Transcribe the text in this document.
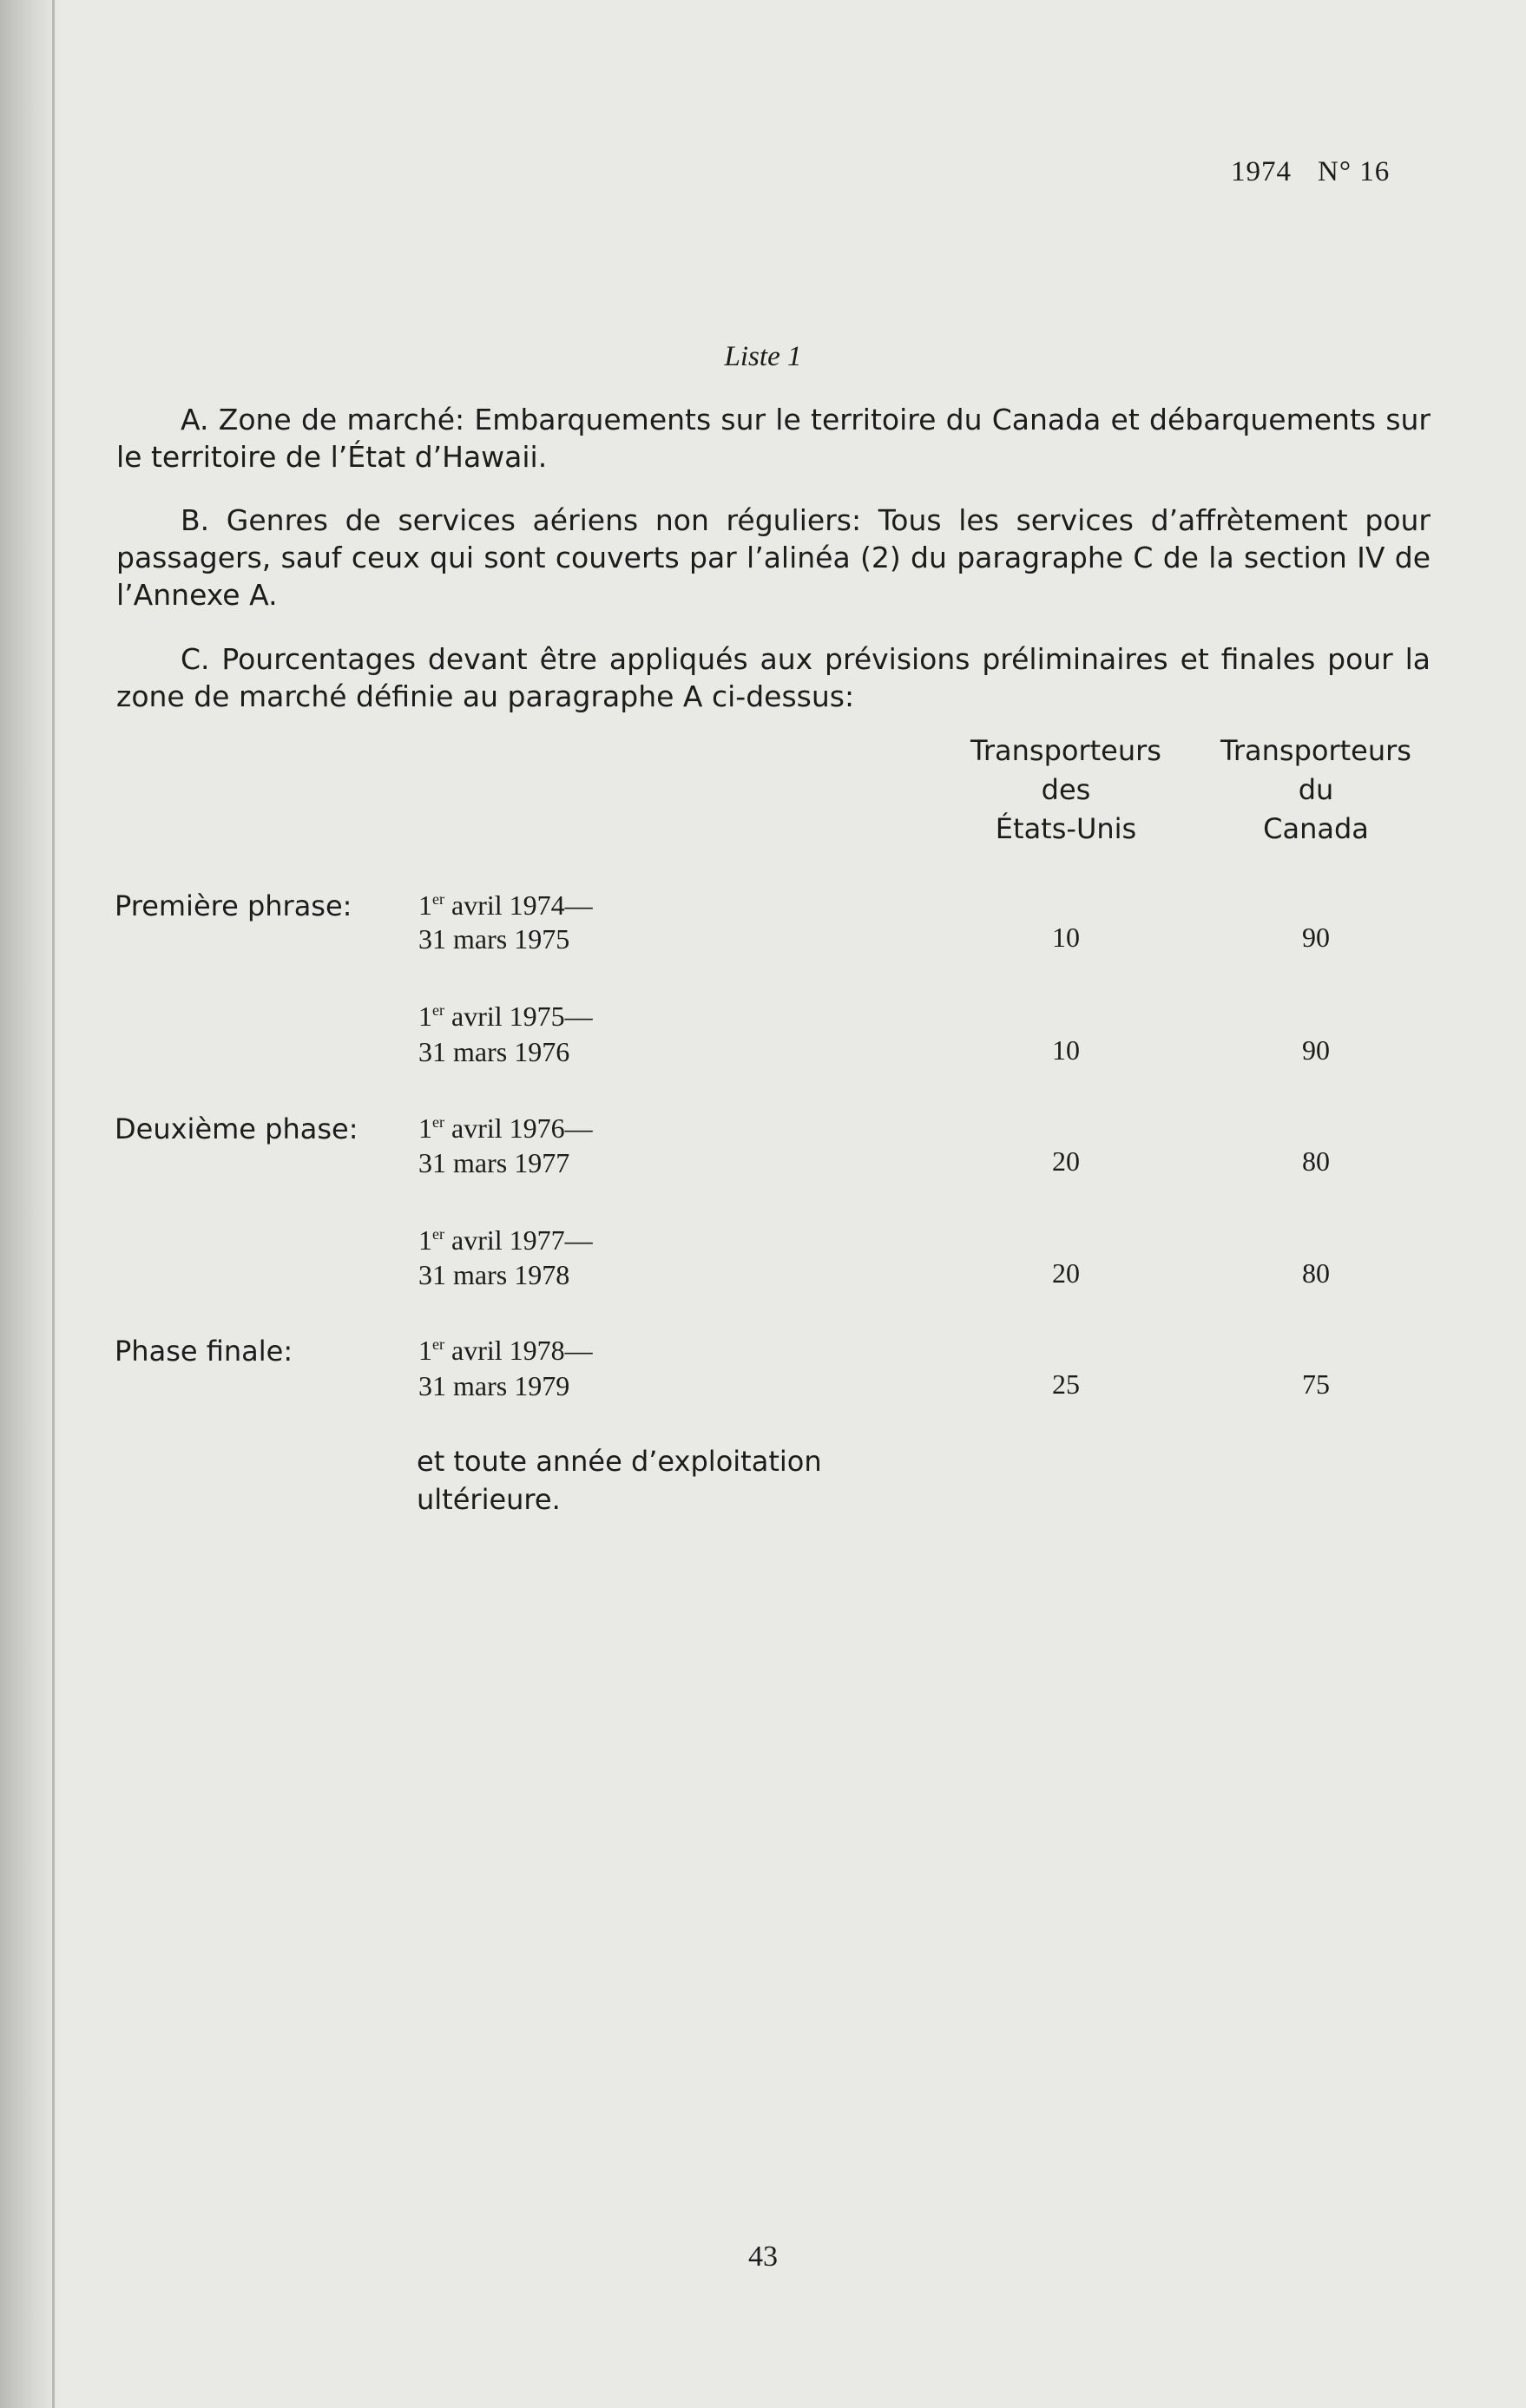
1974 N° 16
Liste 1
A. Zone de marché: Embarquements sur le territoire du Canada et débarquements sur le territoire de l’État d’Hawaii.
B. Genres de services aériens non réguliers: Tous les services d’affrètement pour passagers, sauf ceux qui sont couverts par l’alinéa (2) du paragraphe C de la section IV de l’Annexe A.
C. Pourcentages devant être appliqués aux prévisions préliminaires et finales pour la zone de marché définie au paragraphe A ci-dessus:
Transporteurs
des
États-Unis
Transporteurs
du
Canada
Première phrase: 1er avril 1974—
31 mars 1975	10	90
1er avril 1975—
31 mars 1976	10	90
Deuxième phase: 1er avril 1976—
31 mars 1977	20	80
1er avril 1977—
31 mars 1978	20	80
Phase finale:	1er avril 1978—
31 mars 1979	25	75
et toute année d’exploitation
ultérieure.
43
